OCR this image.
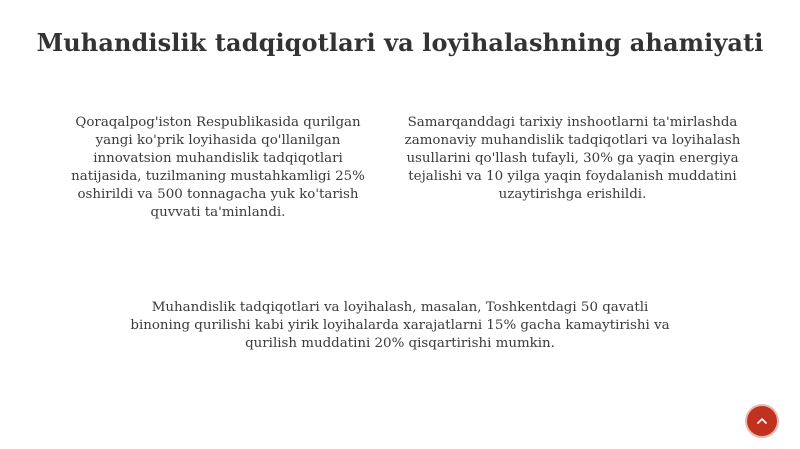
Muhandislik tadqiqotlari va loyihalashning ahamiyati
Qoraqalpog'iston Respublikasida qurilgan yangi ko'prik loyihasida qo'llanilgan innovatsion muhandislik tadqiqotlari natijasida, tuzilmaning mustahkamligi 25% oshirildi va 500 tonnagacha yuk ko'tarish quvvati ta'minlandi.
Samarqanddagi tarixiy inshootlarni ta'mirlashda zamonaviy muhandislik tadqiqotlari va loyihalash usullarini qo'llash tufayli, 30% ga yaqin energiya tejalishi va 10 yilga yaqin foydalanish muddatini uzaytirishga erishildi.
Muhandislik tadqiqotlari va loyihalash, masalan, Toshkentdagi 50 qavatli binoning qurilishi kabi yirik loyihalarda xarajatlarni 15% gacha kamaytirishi va qurilish muddatini 20% qisqartirishi mumkin.
